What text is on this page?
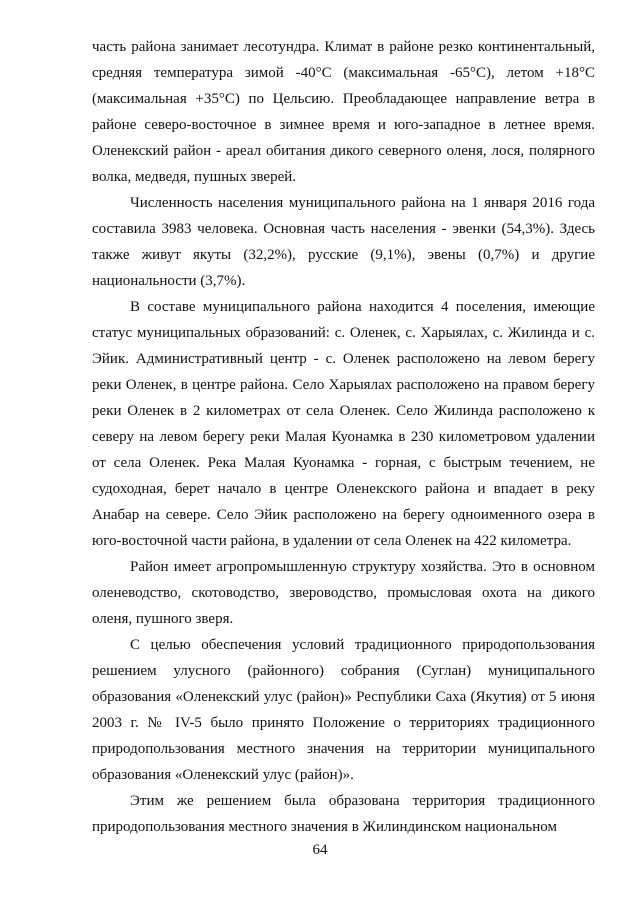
часть района занимает лесотундра. Климат в районе резко континентальный, средняя температура зимой -40°С (максимальная -65°С), летом +18°С (максимальная +35°С) по Цельсию. Преобладающее направление ветра в районе северо-восточное в зимнее время и юго-западное в летнее время. Оленекский район - ареал обитания дикого северного оленя, лося, полярного волка, медведя, пушных зверей.

Численность населения муниципального района на 1 января 2016 года составила 3983 человека. Основная часть населения - эвенки (54,3%). Здесь также живут якуты (32,2%), русские (9,1%), эвены (0,7%) и другие национальности (3,7%).

В составе муниципального района находится 4 поселения, имеющие статус муниципальных образований: с. Оленек, с. Харыялах, с. Жилинда и с. Эйик. Административный центр - с. Оленек расположено на левом берегу реки Оленек, в центре района. Село Харыялах расположено на правом берегу реки Оленек в 2 километрах от села Оленек. Село Жилинда расположено к северу на левом берегу реки Малая Куонамка в 230 километровом удалении от села Оленек. Река Малая Куонамка - горная, с быстрым течением, не судоходная, берет начало в центре Оленекского района и впадает в реку Анабар на севере. Село Эйик расположено на берегу одноименного озера в юго-восточной части района, в удалении от села Оленек на 422 километра.

Район имеет агропромышленную структуру хозяйства. Это в основном оленеводство, скотоводство, звероводство, промысловая охота на дикого оленя, пушного зверя.

С целью обеспечения условий традиционного природопользования решением улусного (районного) собрания (Суглан) муниципального образования «Оленекский улус (район)» Республики Саха (Якутия) от 5 июня 2003 г. № IV-5 было принято Положение о территориях традиционного природопользования местного значения на территории муниципального образования «Оленекский улус (район)».

Этим же решением была образована территория традиционного природопользования местного значения в Жилиндинском национальном

64
